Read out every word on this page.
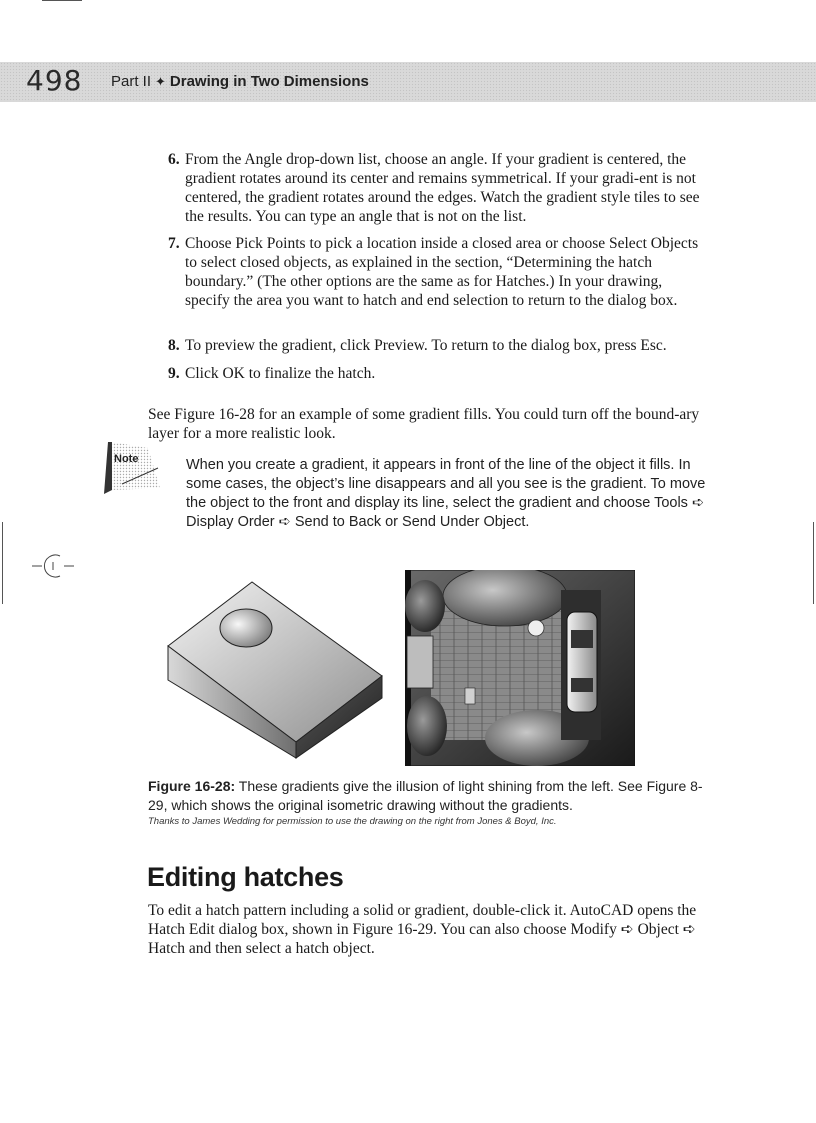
498 Part II ✦ Drawing in Two Dimensions
6. From the Angle drop-down list, choose an angle. If your gradient is centered, the gradient rotates around its center and remains symmetrical. If your gradi-ent is not centered, the gradient rotates around the edges. Watch the gradient style tiles to see the results. You can type an angle that is not on the list.
7. Choose Pick Points to pick a location inside a closed area or choose Select Objects to select closed objects, as explained in the section, “Determining the hatch boundary.” (The other options are the same as for Hatches.) In your drawing, specify the area you want to hatch and end selection to return to the dialog box.
8. To preview the gradient, click Preview. To return to the dialog box, press Esc.
9. Click OK to finalize the hatch.
See Figure 16-28 for an example of some gradient fills. You could turn off the bound-ary layer for a more realistic look.
Note	When you create a gradient, it appears in front of the line of the object it fills. In some cases, the object’s line disappears and all you see is the gradient. To move the object to the front and display its line, select the gradient and choose Tools ➪ Display Order ➪ Send to Back or Send Under Object.
Figure 16-28: These gradients give the illusion of light shining from the left. See Figure 8-29, which shows the original isometric drawing without the gradients.
Thanks to James Wedding for permission to use the drawing on the right from Jones & Boyd, Inc.
Editing hatches
To edit a hatch pattern including a solid or gradient, double-click it. AutoCAD opens the Hatch Edit dialog box, shown in Figure 16-29. You can also choose Modify ➪ Object ➪ Hatch and then select a hatch object.
